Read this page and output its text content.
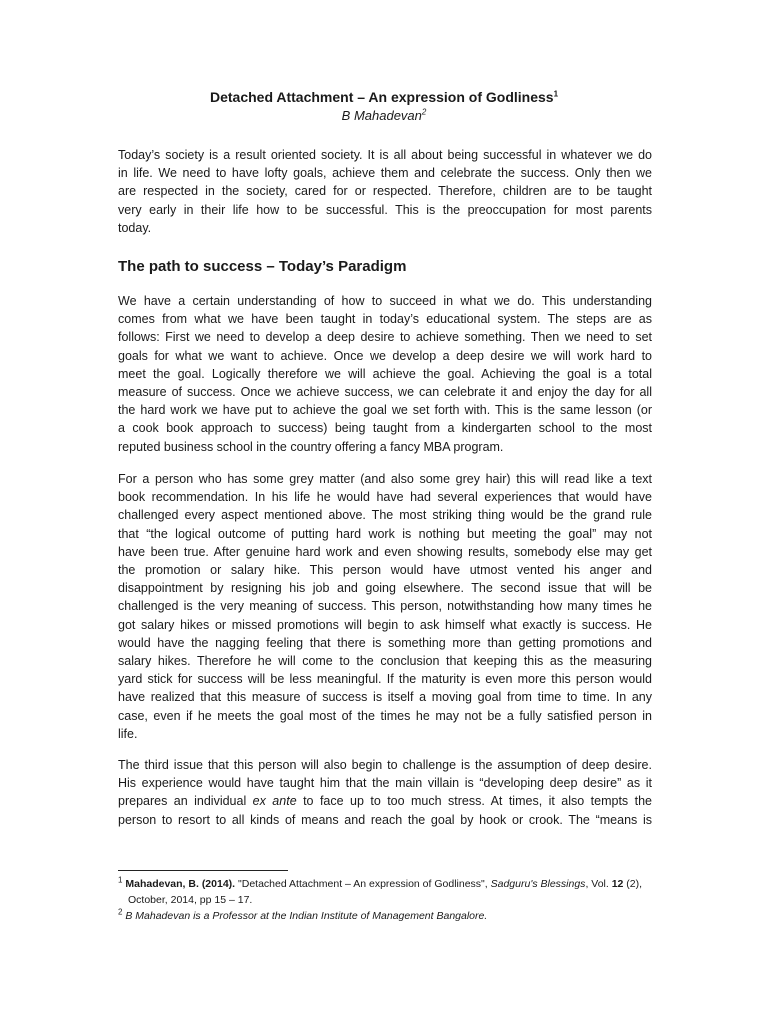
Detached Attachment – An expression of Godliness$^1$
B Mahadevan$^2$
Today’s society is a result oriented society. It is all about being successful in whatever we do
in life. We need to have lofty goals, achieve them and celebrate the success. Only then we
are respected in the society, cared for or respected. Therefore, children are to be taught
very early in their life how to be successful. This is the preoccupation for most parents
today.
The path to success – Today’s Paradigm
We have a certain understanding of how to succeed in what we do. This understanding
comes from what we have been taught in today’s educational system. The steps are as
follows: First we need to develop a deep desire to achieve something. Then we need to set
goals for what we want to achieve. Once we develop a deep desire we will work hard to
meet the goal. Logically therefore we will achieve the goal. Achieving the goal is a total
measure of success. Once we achieve success, we can celebrate it and enjoy the day for all
the hard work we have put to achieve the goal we set forth with. This is the same lesson (or
a cook book approach to success) being taught from a kindergarten school to the most
reputed business school in the country offering a fancy MBA program.
For a person who has some grey matter (and also some grey hair) this will read like a text
book recommendation. In his life he would have had several experiences that would have
challenged every aspect mentioned above. The most striking thing would be the grand rule
that “the logical outcome of putting hard work is nothing but meeting the goal” may not
have been true. After genuine hard work and even showing results, somebody else may get
the promotion or salary hike. This person would have utmost vented his anger and
disappointment by resigning his job and going elsewhere. The second issue that will be
challenged is the very meaning of success. This person, notwithstanding how many times he
got salary hikes or missed promotions will begin to ask himself what exactly is success. He
would have the nagging feeling that there is something more than getting promotions and
salary hikes. Therefore he will come to the conclusion that keeping this as the measuring
yard stick for success will be less meaningful. If the maturity is even more this person would
have realized that this measure of success is itself a moving goal from time to time. In any
case, even if he meets the goal most of the times he may not be a fully satisfied person in
life.
The third issue that this person will also begin to challenge is the assumption of deep desire.
His experience would have taught him that the main villain is “developing deep desire” as it
prepares an individual ex ante to face up to too much stress. At times, it also tempts the
person to resort to all kinds of means and reach the goal by hook or crook. The “means is
$^1$ Mahadevan, B. (2014). "Detached Attachment – An expression of Godliness", Sadguru's Blessings, Vol. 12 (2),
October, 2014, pp 15 – 17.
$^2$ B Mahadevan is a Professor at the Indian Institute of Management Bangalore.
